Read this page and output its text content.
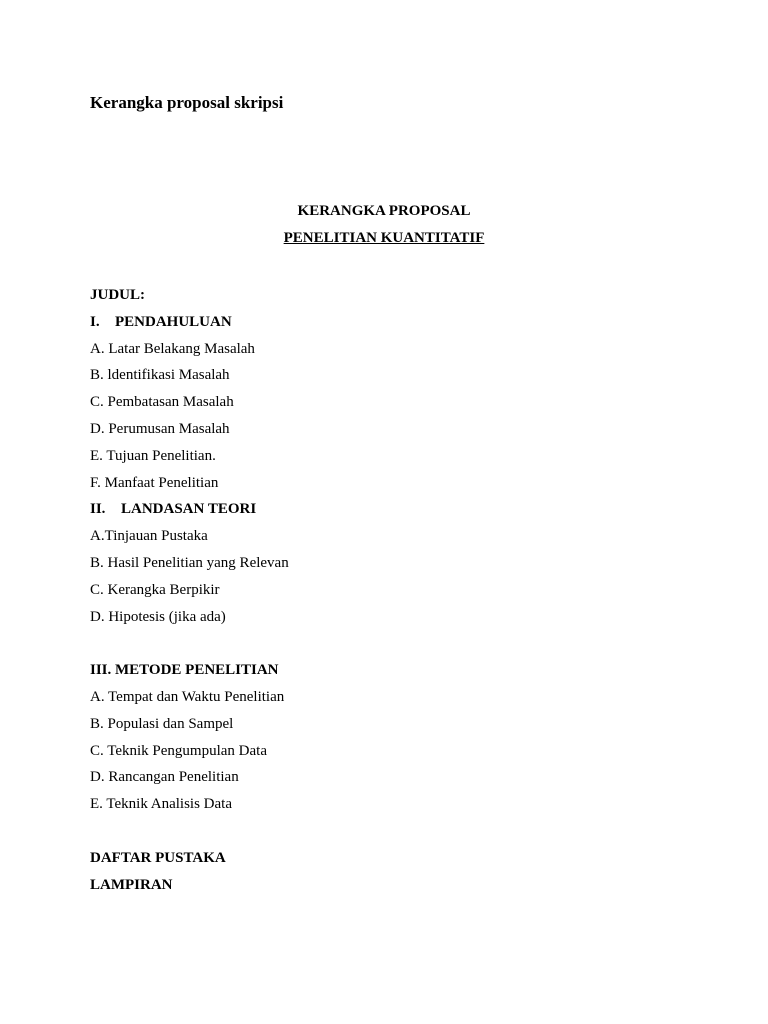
Kerangka proposal skripsi
KERANGKA PROPOSAL
PENELITIAN KUANTITATIF
JUDUL:
I. PENDAHULUAN
A. Latar Belakang Masalah
B. ldentifikasi Masalah
C. Pembatasan Masalah
D. Perumusan Masalah
E. Tujuan Penelitian.
F. Manfaat Penelitian
II. LANDASAN TEORI
A.Tinjauan Pustaka
B. Hasil Penelitian yang Relevan
C. Kerangka Berpikir
D. Hipotesis (jika ada)
III. METODE PENELITIAN
A. Tempat dan Waktu Penelitian
B. Populasi dan Sampel
C. Teknik Pengumpulan Data
D. Rancangan Penelitian
E. Teknik Analisis Data
DAFTAR PUSTAKA
LAMPIRAN
